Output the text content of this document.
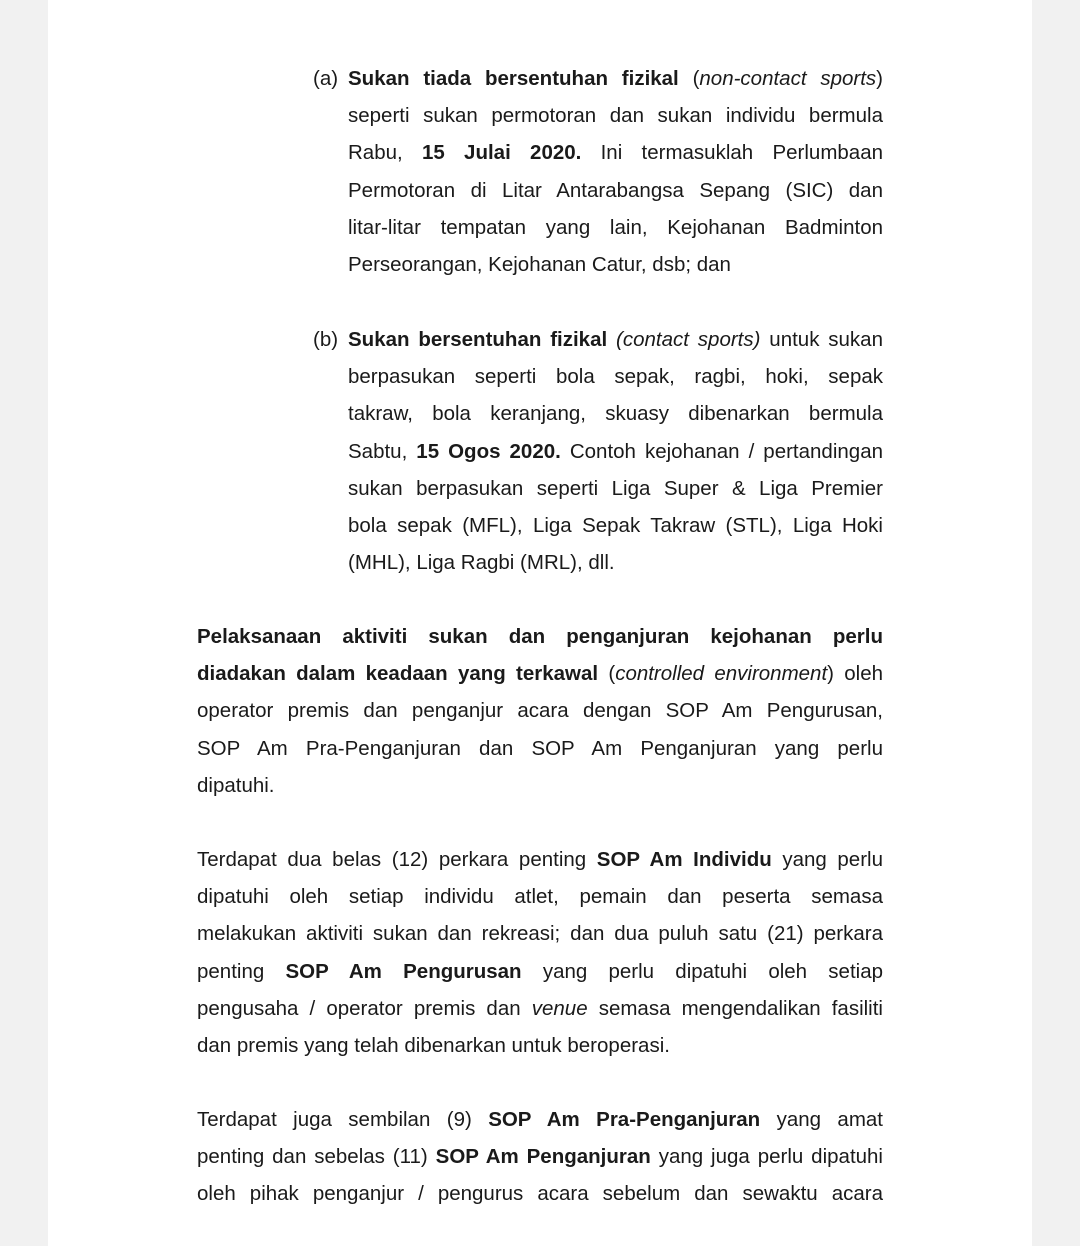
(a) Sukan tiada bersentuhan fizikal (non-contact sports)

seperti sukan permotoran dan sukan individu bermula

Rabu, 15 Julai 2020. Ini termasuklah Perlumbaan

Permotoran di Litar Antarabangsa Sepang (SIC) dan

litar-litar tempatan yang lain, Kejohanan Badminton

Perseorangan, Kejohanan Catur, dsb; dan

(b) Sukan bersentuhan fizikal (contact sports) untuk sukan

berpasukan seperti bola sepak, ragbi, hoki, sepak

takraw, bola keranjang, skuasy dibenarkan bermula

Sabtu, 15 Ogos 2020. Contoh kejohanan / pertandingan

sukan berpasukan seperti Liga Super & Liga Premier

bola sepak (MFL), Liga Sepak Takraw (STL), Liga Hoki

(MHL), Liga Ragbi (MRL), dll.

Pelaksanaan aktiviti sukan dan penganjuran kejohanan perlu

diadakan dalam keadaan yang terkawal (controlled environment) oleh

operator premis dan penganjur acara dengan SOP Am Pengurusan,

SOP Am Pra-Penganjuran dan SOP Am Penganjuran yang perlu

dipatuhi.

Terdapat dua belas (12) perkara penting SOP Am Individu yang perlu

dipatuhi oleh setiap individu atlet, pemain dan peserta semasa

melakukan aktiviti sukan dan rekreasi; dan dua puluh satu (21) perkara

penting SOP Am Pengurusan yang perlu dipatuhi oleh setiap

pengusaha / operator premis dan venue semasa mengendalikan fasiliti

dan premis yang telah dibenarkan untuk beroperasi.

Terdapat juga sembilan (9) SOP Am Pra-Penganjuran yang amat

penting dan sebelas (11) SOP Am Penganjuran yang juga perlu dipatuhi

oleh pihak penganjur / pengurus acara sebelum dan sewaktu acara
